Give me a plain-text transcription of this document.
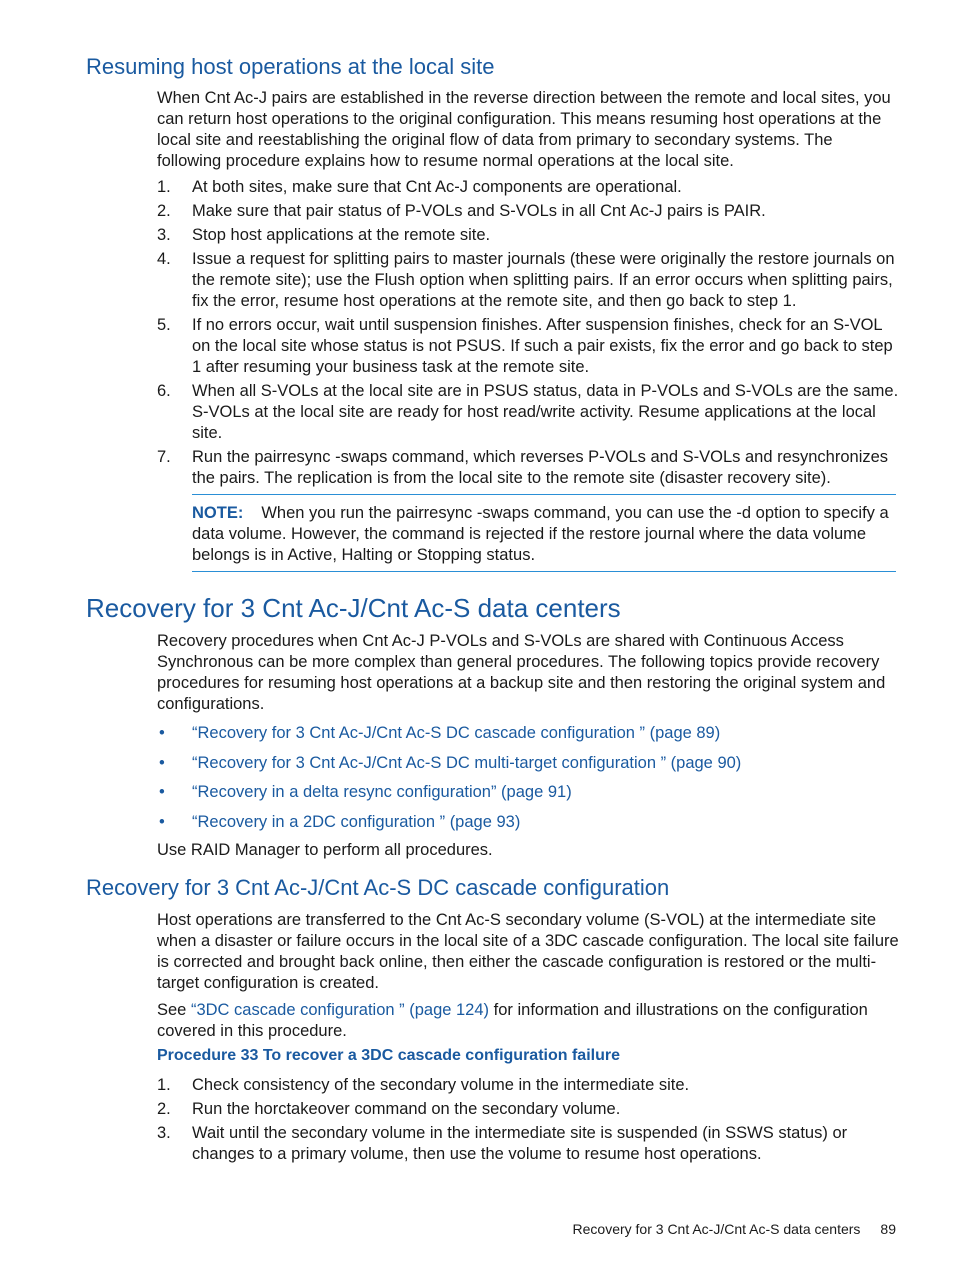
Resuming host operations at the local site

When Cnt Ac-J pairs are established in the reverse direction between the remote and local sites, you can return host operations to the original configuration. This means resuming host operations at the local site and reestablishing the original flow of data from primary to secondary systems. The following procedure explains how to resume normal operations at the local site.

1. At both sites, make sure that Cnt Ac-J components are operational.
2. Make sure that pair status of P-VOLs and S-VOLs in all Cnt Ac-J pairs is PAIR.
3. Stop host applications at the remote site.
4. Issue a request for splitting pairs to master journals (these were originally the restore journals on the remote site); use the Flush option when splitting pairs. If an error occurs when splitting pairs, fix the error, resume host operations at the remote site, and then go back to step 1.
5. If no errors occur, wait until suspension finishes. After suspension finishes, check for an S-VOL on the local site whose status is not PSUS. If such a pair exists, fix the error and go back to step 1 after resuming your business task at the remote site.
6. When all S-VOLs at the local site are in PSUS status, data in P-VOLs and S-VOLs are the same. S-VOLs at the local site are ready for host read/write activity. Resume applications at the local site.
7. Run the pairresync -swaps command, which reverses P-VOLs and S-VOLs and resynchronizes the pairs. The replication is from the local site to the remote site (disaster recovery site).
NOTE: When you run the pairresync -swaps command, you can use the -d option to specify a data volume. However, the command is rejected if the restore journal where the data volume belongs is in Active, Halting or Stopping status.
Recovery for 3 Cnt Ac-J/Cnt Ac-S data centers

Recovery procedures when Cnt Ac-J P-VOLs and S-VOLs are shared with Continuous Access Synchronous can be more complex than general procedures. The following topics provide recovery procedures for resuming host operations at a backup site and then restoring the original system and configurations.

• “Recovery for 3 Cnt Ac-J/Cnt Ac-S DC cascade configuration ” (page 89)
• “Recovery for 3 Cnt Ac-J/Cnt Ac-S DC multi-target configuration ” (page 90)
• “Recovery in a delta resync configuration” (page 91)
• “Recovery in a 2DC configuration ” (page 93)

Use RAID Manager to perform all procedures.

Recovery for 3 Cnt Ac-J/Cnt Ac-S DC cascade configuration

Host operations are transferred to the Cnt Ac-S secondary volume (S-VOL) at the intermediate site when a disaster or failure occurs in the local site of a 3DC cascade configuration. The local site failure is corrected and brought back online, then either the cascade configuration is restored or the multi-target configuration is created.

See “3DC cascade configuration ” (page 124) for information and illustrations on the configuration covered in this procedure.

Procedure 33 To recover a 3DC cascade configuration failure
1. Check consistency of the secondary volume in the intermediate site.
2. Run the horctakeover command on the secondary volume.
3. Wait until the secondary volume in the intermediate site is suspended (in SSWS status) or changes to a primary volume, then use the volume to resume host operations.
Recovery for 3 Cnt Ac-J/Cnt Ac-S data centers 89
